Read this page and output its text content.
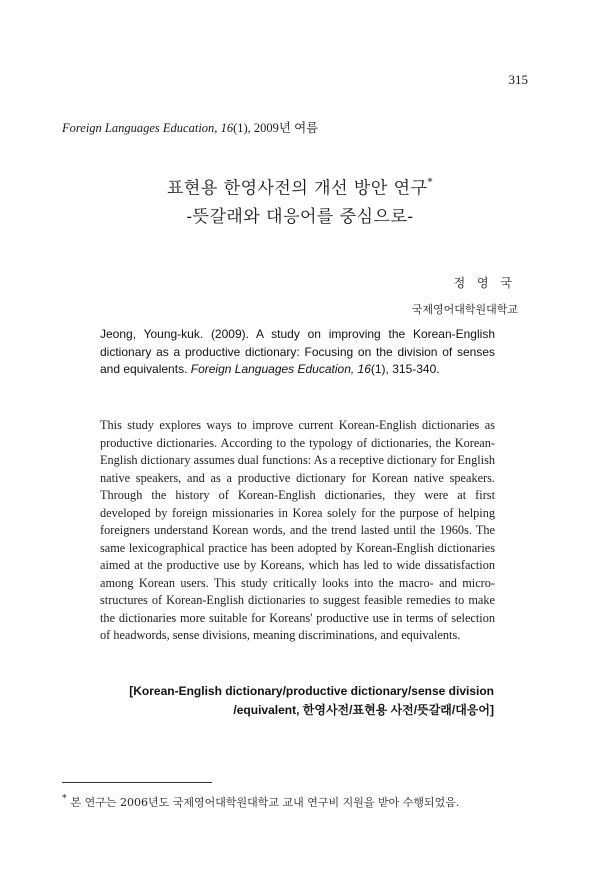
315
Foreign Languages Education, 16(1), 2009년 여름
표현용 한영사전의 개선 방안 연구*
-뜻갈래와 대응어를 중심으로-
정 영 국
국제영어대학원대학교
Jeong, Young-kuk. (2009). A study on improving the Korean-English dictionary as a productive dictionary: Focusing on the division of senses and equivalents. Foreign Languages Education, 16(1), 315-340.
This study explores ways to improve current Korean-English dictionaries as productive dictionaries. According to the typology of dictionaries, the Korean-English dictionary assumes dual functions: As a receptive dictionary for English native speakers, and as a productive dictionary for Korean native speakers. Through the history of Korean-English dictionaries, they were at first developed by foreign missionaries in Korea solely for the purpose of helping foreigners understand Korean words, and the trend lasted until the 1960s. The same lexicographical practice has been adopted by Korean-English dictionaries aimed at the productive use by Koreans, which has led to wide dissatisfaction among Korean users. This study critically looks into the macro- and micro-structures of Korean-English dictionaries to suggest feasible remedies to make the dictionaries more suitable for Koreans' productive use in terms of selection of headwords, sense divisions, meaning discriminations, and equivalents.
[Korean-English dictionary/productive dictionary/sense division
/equivalent, 한영사전/표현용 사전/뜻갈래/대응어]
* 본 연구는 2006년도 국제영어대학원대학교 교내 연구비 지원을 받아 수행되었음.
